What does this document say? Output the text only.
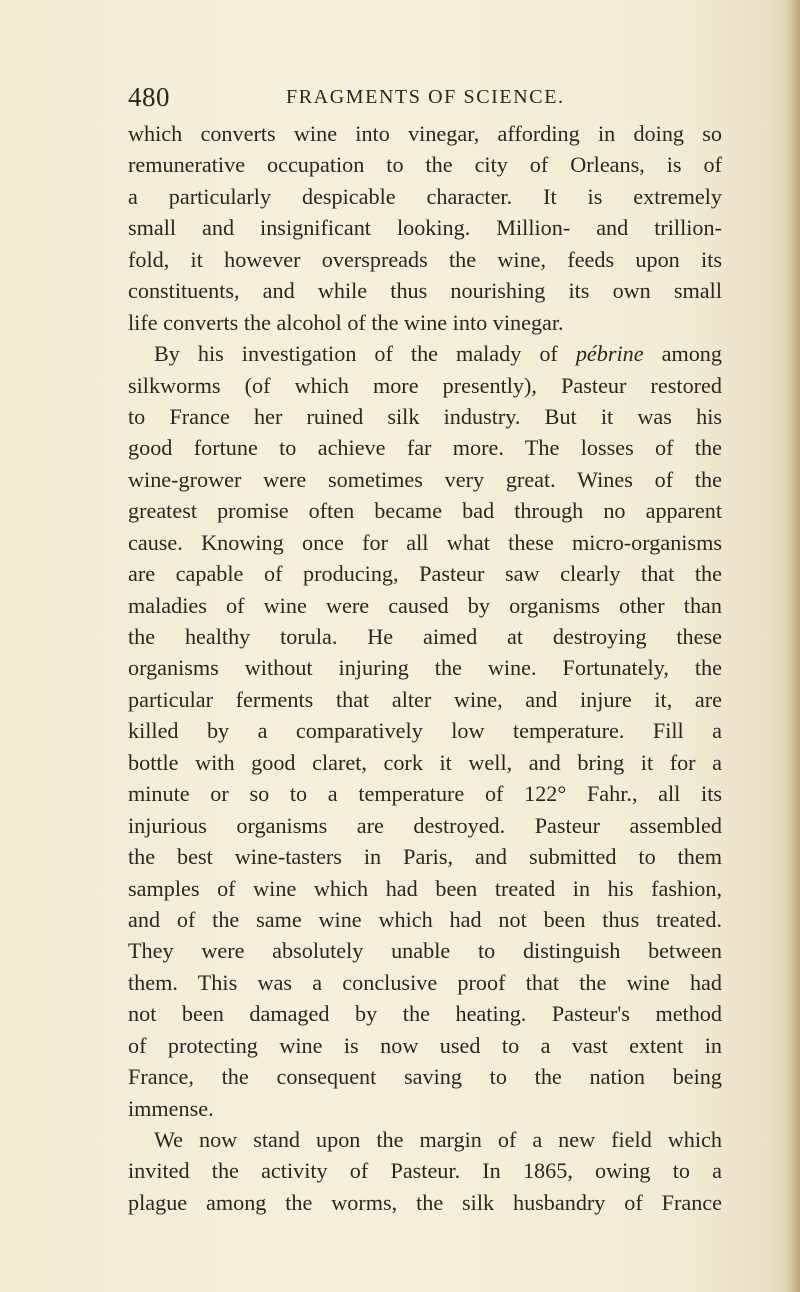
480	FRAGMENTS OF SCIENCE.
which converts wine into vinegar, affording in doing so
remunerative occupation to the city of Orleans, is of
a particularly despicable character. It is extremely
small and insignificant looking. Million- and trillion-
fold, it however overspreads the wine, feeds upon its
constituents, and while thus nourishing its own small
life converts the alcohol of the wine into vinegar.
By his investigation of the malady of pébrine among
silkworms (of which more presently), Pasteur restored
to France her ruined silk industry. But it was his
good fortune to achieve far more. The losses of the
wine-grower were sometimes very great. Wines of the
greatest promise often became bad through no apparent
cause. Knowing once for all what these micro-organisms
are capable of producing, Pasteur saw clearly that the
maladies of wine were caused by organisms other than
the healthy torula. He aimed at destroying these
organisms without injuring the wine. Fortunately, the
particular ferments that alter wine, and injure it, are
killed by a comparatively low temperature. Fill a
bottle with good claret, cork it well, and bring it for a
minute or so to a temperature of 122° Fahr., all its
injurious organisms are destroyed. Pasteur assembled
the best wine-tasters in Paris, and submitted to them
samples of wine which had been treated in his fashion,
and of the same wine which had not been thus treated.
They were absolutely unable to distinguish between
them. This was a conclusive proof that the wine had
not been damaged by the heating. Pasteur's method
of protecting wine is now used to a vast extent in
France, the consequent saving to the nation being
immense.
We now stand upon the margin of a new field which
invited the activity of Pasteur. In 1865, owing to a
plague among the worms, the silk husbandry of France
